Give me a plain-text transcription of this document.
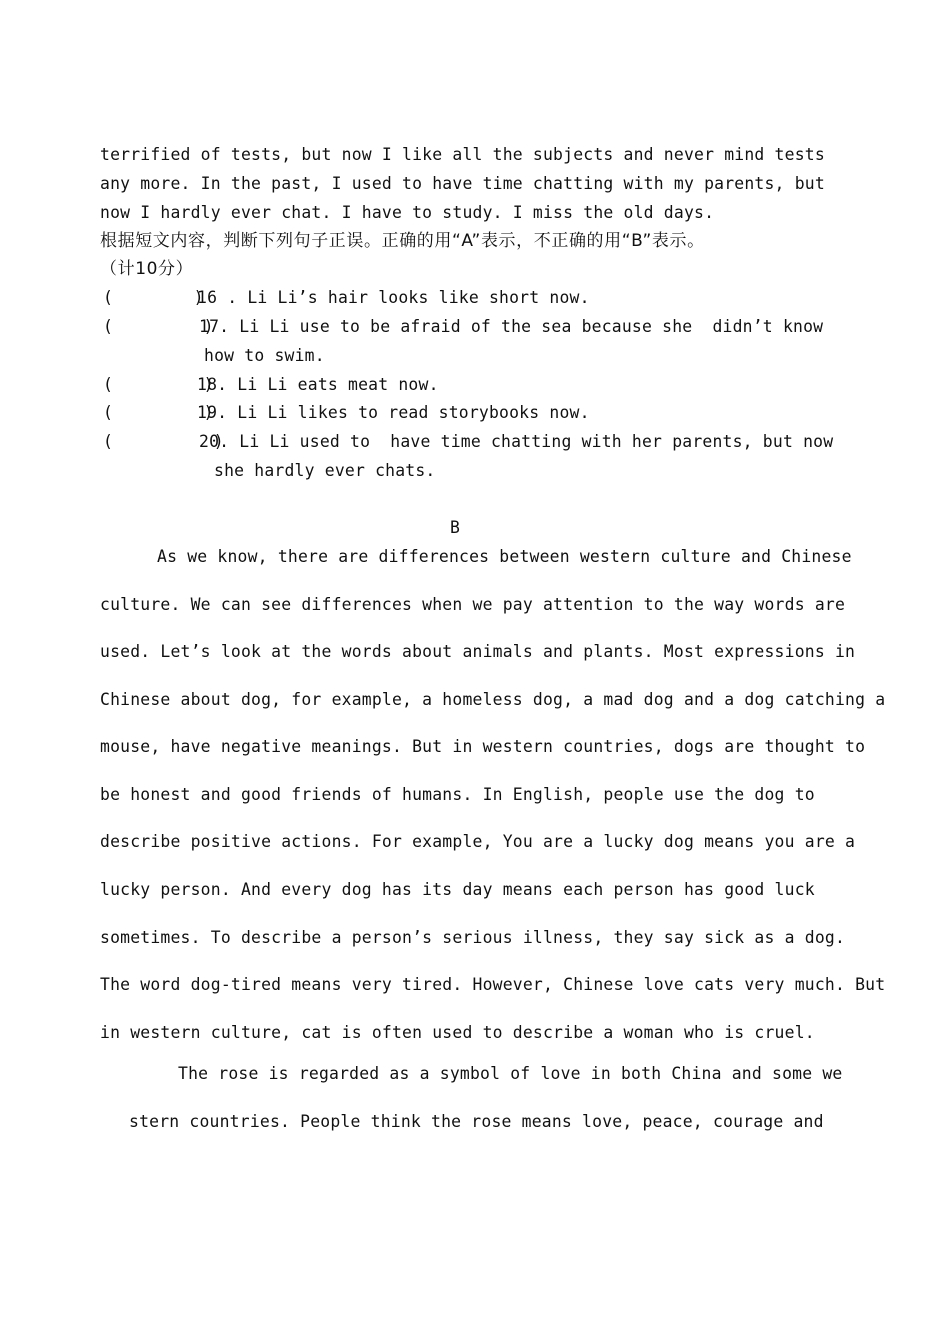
terrified of tests, but now I like all the subjects and never mind tests
any more. In the past, I used to have time chatting with my parents, but
now I hardly ever chat. I have to study. I miss the old days.
根据短文内容，判断下列句子正误。正确的用“A”表示，不正确的用“B”表示。
（计10分）
(        )
16 . Li Li’s hair looks like short now.
(         )
17. Li Li use to be afraid of the sea because she  didn’t know
how to swim.
(         )
18. Li Li eats meat now.
(         )
19. Li Li likes to read storybooks now.
(          )
20. Li Li used to  have time chatting with her parents, but now
she hardly ever chats.
B
As we know, there are differences between western culture and Chinese
culture. We can see differences when we pay attention to the way words are
used. Let’s look at the words about animals and plants. Most expressions in
Chinese about dog, for example, a homeless dog, a mad dog and a dog catching a
mouse, have negative meanings. But in western countries, dogs are thought to
be honest and good friends of humans. In English, people use the dog to
describe positive actions. For example, You are a lucky dog means you are a
lucky person. And every dog has its day means each person has good luck
sometimes. To describe a person’s serious illness, they say sick as a dog.
The word dog-tired means very tired. However, Chinese love cats very much. But
in western culture, cat is often used to describe a woman who is cruel.
The rose is regarded as a symbol of love in both China and some we
stern countries. People think the rose means love, peace, courage and
